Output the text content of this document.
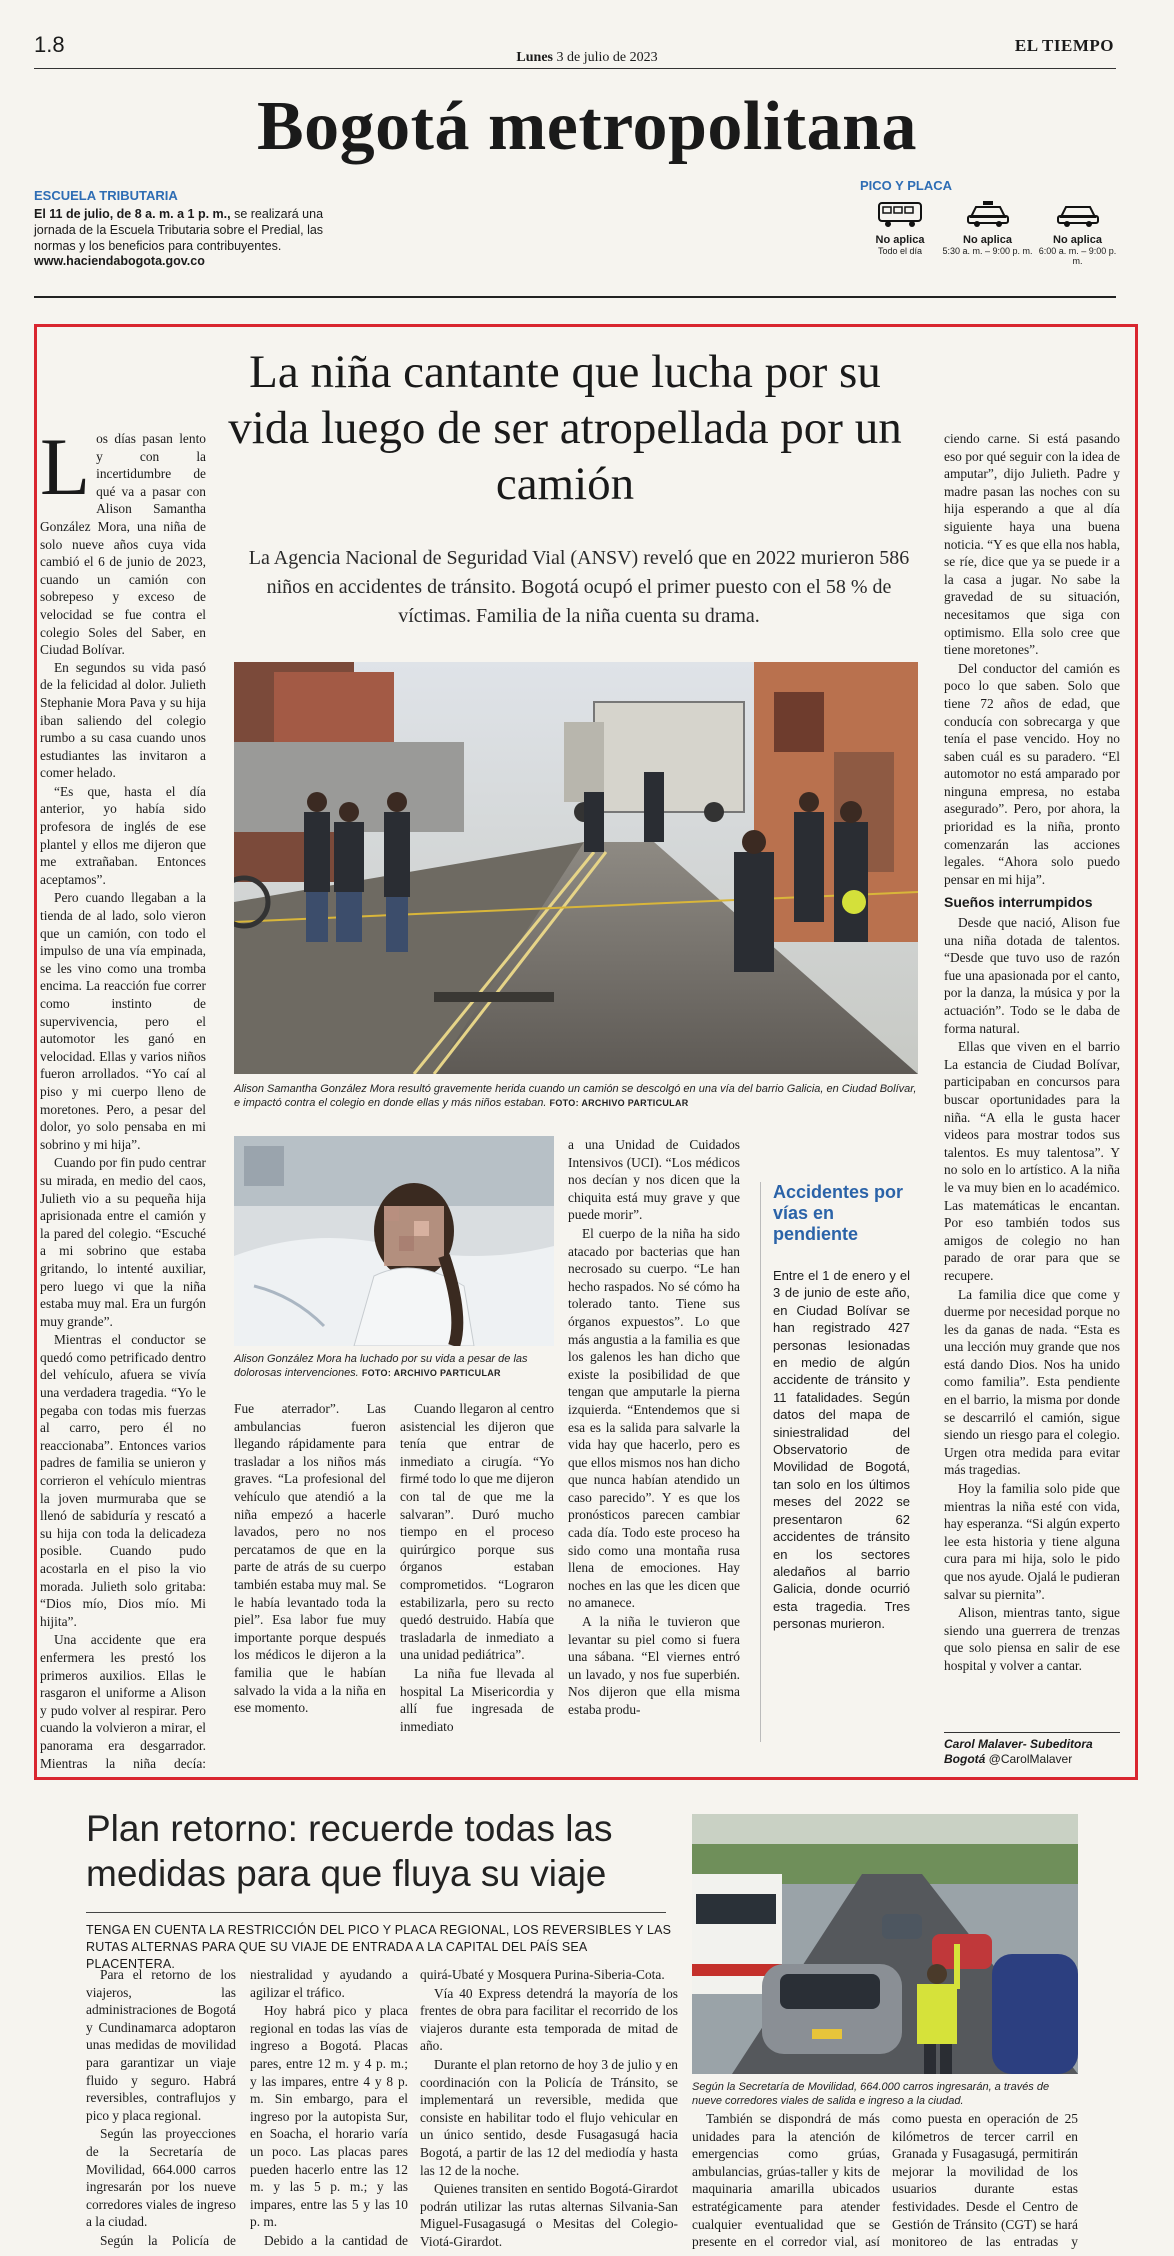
1.8
Lunes 3 de julio de 2023
EL TIEMPO
Bogotá metropolitana
ESCUELA TRIBUTARIA
El 11 de julio, de 8 a. m. a 1 p. m., se realizará una jornada de la Escuela Tributaria sobre el Predial, las normas y los beneficios para contribuyentes.
www.haciendabogota.gov.co
PICO Y PLACA
No aplica
Todo el día
No aplica
5:30 a. m. – 9:00 p. m.
No aplica
6:00 a. m. – 9:00 p. m.
La niña cantante que lucha por su vida luego de ser atropellada por un camión
La Agencia Nacional de Seguridad Vial (ANSV) reveló que en 2022 murieron 586 niños en accidentes de tránsito. Bogotá ocupó el primer puesto con el 58 % de víctimas. Familia de la niña cuenta su drama.
Los días pasan lento y con la incertidumbre de qué va a pasar con Alison Samantha González Mora, una niña de solo nueve años cuya vida cambió el 6 de junio de 2023, cuando un camión con sobrepeso y exceso de velocidad se fue contra el colegio Soles del Saber, en Ciudad Bolívar.

En segundos su vida pasó de la felicidad al dolor. Julieth Stephanie Mora Pava y su hija iban saliendo del colegio rumbo a su casa cuando unos estudiantes las invitaron a comer helado.

“Es que, hasta el día anterior, yo había sido profesora de inglés de ese plantel y ellos me dijeron que me extrañaban. Entonces aceptamos”.

Pero cuando llegaban a la tienda de al lado, solo vieron que un camión, con todo el impulso de una vía empinada, se les vino como una tromba encima. La reacción fue correr como instinto de supervivencia, pero el automotor les ganó en velocidad. Ellas y varios niños fueron arrollados. “Yo caí al piso y mi cuerpo lleno de moretones. Pero, a pesar del dolor, yo solo pensaba en mi sobrino y mi hija”.

Cuando por fin pudo centrar su mirada, en medio del caos, Julieth vio a su pequeña hija aprisionada entre el camión y la pared del colegio. “Escuché a mi sobrino que estaba gritando, lo intenté auxiliar, pero luego vi que la niña estaba muy mal. Era un furgón muy grande”.

Mientras el conductor se quedó como petrificado dentro del vehículo, afuera se vivía una verdadera tragedia. “Yo le pegaba con todas mis fuerzas al carro, pero él no reaccionaba”. Entonces varios padres de familia se unieron y corrieron el vehículo mientras la joven murmuraba que se llenó de sabiduría y rescató a su hija con toda la delicadeza posible. Cuando pudo acostarla en el piso la vio morada. Julieth solo gritaba: “Dios mío, Dios mío. Mi hijita”.

Una accidente que era enfermera les prestó los primeros auxilios. Ellas le rasgaron el uniforme a Alison y pudo volver al respirar. Pero cuando la volvieron a mirar, el panorama era desgarrador. Mientras la niña decía:

Alison Samantha González Mora resultó gravemente herida cuando un camión se descolgó en una vía del barrio Galicia, en Ciudad Bolívar, e impactó contra el colegio en donde ellas y más niños estaban. FOTO: ARCHIVO PARTICULAR
Alison González Mora ha luchado por su vida a pesar de las dolorosas intervenciones. FOTO: ARCHIVO PARTICULAR

Fue aterrador”. Las ambulancias fueron llegando rápidamente para trasladar a los niños más graves. “La profesional del vehículo que atendió a la niña empezó a hacerle lavados, pero no nos percatamos de que en la parte de atrás de su cuerpo también estaba muy mal. Se le había levantado toda la piel”. Esa labor fue muy importante porque después los médicos le dijeron a la familia que le habían salvado la vida a la niña en ese momento.

Cuando llegaron al centro asistencial les dijeron que tenía que entrar de inmediato a cirugía. “Yo firmé todo lo que me dijeron con tal de que me la salvaran”. Duró mucho tiempo en el proceso quirúrgico porque sus órganos estaban comprometidos. “Lograron estabilizarla, pero su recto quedó destruido. Había que trasladarla de inmediato a una unidad pediátrica”.

La niña fue llevada al hospital La Misericordia y allí fue ingresada de inmediato

a una Unidad de Cuidados Intensivos (UCI). “Los médicos nos decían y nos dicen que la chiquita está muy grave y que puede morir”.

El cuerpo de la niña ha sido atacado por bacterias que han necrosado su cuerpo. “Le han hecho raspados. No sé cómo ha tolerado tanto. Tiene sus órganos expuestos”. Lo que más angustia a la familia es que los galenos les han dicho que existe la posibilidad de que tengan que amputarle la pierna izquierda. “Entendemos que si esa es la salida para salvarle la vida hay que hacerlo, pero es que ellos mismos nos han dicho que nunca habían atendido un caso parecido”. Y es que los pronósticos parecen cambiar cada día. Todo este proceso ha sido como una montaña rusa llena de emociones. Hay noches en las que les dicen que no amanece.

A la niña le tuvieron que levantar su piel como si fuera una sábana. “El viernes entró un lavado, y nos fue superbién. Nos dijeron que ella misma estaba produ-

Accidentes por vías en pendiente
Entre el 1 de enero y el 3 de junio de este año, en Ciudad Bolívar se han registrado 427 personas lesionadas en medio de algún accidente de tránsito y 11 fatalidades. Según datos del mapa de siniestralidad del Observatorio de Movilidad de Bogotá, tan solo en los últimos meses del 2022 se presentaron 62 accidentes de tránsito en los sectores aledaños al barrio Galicia, donde ocurrió esta tragedia. Tres personas murieron.

ciendo carne. Si está pasando eso por qué seguir con la idea de amputar”, dijo Julieth. Padre y madre pasan las noches con su hija esperando a que al día siguiente haya una buena noticia. “Y es que ella nos habla, se ríe, dice que ya se puede ir a la casa a jugar. No sabe la gravedad de su situación, necesitamos que siga con optimismo. Ella solo cree que tiene moretones”.

Del conductor del camión es poco lo que saben. Solo que tiene 72 años de edad, que conducía con sobrecarga y que tenía el pase vencido. Hoy no saben cuál es su paradero. “El automotor no está amparado por ninguna empresa, no estaba asegurado”. Pero, por ahora, la prioridad es la niña, pronto comenzarán las acciones legales. “Ahora solo puedo pensar en mi hija”.

Sueños interrumpidos

Desde que nació, Alison fue una niña dotada de talentos. “Desde que tuvo uso de razón fue una apasionada por el canto, por la danza, la música y por la actuación”. Todo se le daba de forma natural.

Ellas que viven en el barrio La estancia de Ciudad Bolívar, participaban en concursos para buscar oportunidades para la niña. “A ella le gusta hacer videos para mostrar todos sus talentos. Es muy talentosa”. Y no solo en lo artístico. A la niña le va muy bien en lo académico. Las matemáticas le encantan. Por eso también todos sus amigos de colegio no han parado de orar para que se recupere.

La familia dice que come y duerme por necesidad porque no les da ganas de nada. “Esta es una lección muy grande que nos está dando Dios. Nos ha unido como familia”. Esta pendiente en el barrio, la misma por donde se descarriló el camión, sigue siendo un riesgo para el colegio. Urgen otra medida para evitar más tragedias.

Hoy la familia solo pide que mientras la niña esté con vida, hay esperanza. “Si algún experto lee esta historia y tiene alguna cura para mi hija, solo le pido que nos ayude. Ojalá le pudieran salvar su piernita”.

Alison, mientras tanto, sigue siendo una guerrera de trenzas que solo piensa en salir de ese hospital y volver a cantar.

Carol Malaver- Subeditora Bogotá @CarolMalaver
Plan retorno: recuerde todas las medidas para que fluya su viaje
Según la Secretaría de Movilidad, 664.000 carros ingresarán, a través de nueve corredores viales de salida e ingreso a la ciudad.
TENGA EN CUENTA LA RESTRICCIÓN DEL PICO Y PLACA REGIONAL, LOS REVERSIBLES Y LAS RUTAS ALTERNAS PARA QUE SU VIAJE DE ENTRADA A LA CAPITAL DEL PAÍS SEA PLACENTERA.

Para el retorno de los viajeros, las administraciones de Bogotá y Cundinamarca adoptaron unas medidas de movilidad para garantizar un viaje fluido y seguro. Habrá reversibles, contraflujos y pico y placa regional.

Según las proyecciones de la Secretaría de Movilidad, 664.000 carros ingresarán por los nueve corredores viales de ingreso a la ciudad.

Según la Policía de

niestralidad y ayudando a agilizar el tráfico.

Hoy habrá pico y placa regional en todas las vías de ingreso a Bogotá. Placas pares, entre 12 m. y 4 p. m.; y las impares, entre 4 y 8 p. m. Sin embargo, para el ingreso por la autopista Sur, en Soacha, el horario varía un poco. Las placas pares pueden hacerlo entre las 12 m. y las 5 p. m.; y las impares, entre las 5 y las 10 p. m.

Debido a la cantidad de

quirá-Ubaté y Mosquera Purina-Siberia-Cota.

Vía 40 Express detendrá la mayoría de los frentes de obra para facilitar el recorrido de los viajeros durante esta temporada de mitad de año.

Durante el plan retorno de hoy 3 de julio y en coordinación con la Policía de Tránsito, se implementará un reversible, medida que consiste en habilitar todo el flujo vehicular en un único sentido, desde Fusagasugá hacia Bogotá, a partir de las 12 del mediodía y hasta las 12 de la noche.

Quienes transiten en sentido Bogotá-Girardot podrán utilizar las rutas alternas Silvania-San Miguel-Fusagasugá o Mesitas del Colegio-Viotá-Girardot.

También se dispondrá de más unidades para la atención de emergencias como grúas, ambulancias, grúas-taller y kits de maquinaria amarilla ubicados estratégicamente para atender cualquier eventualidad que se presente en el corredor vial, así

como puesta en operación de 25 kilómetros de tercer carril en Granada y Fusagasugá, permitirán mejorar la movilidad de los usuarios durante estas festividades. Desde el Centro de Gestión de Tránsito (CGT) se hará monitoreo de las entradas y
